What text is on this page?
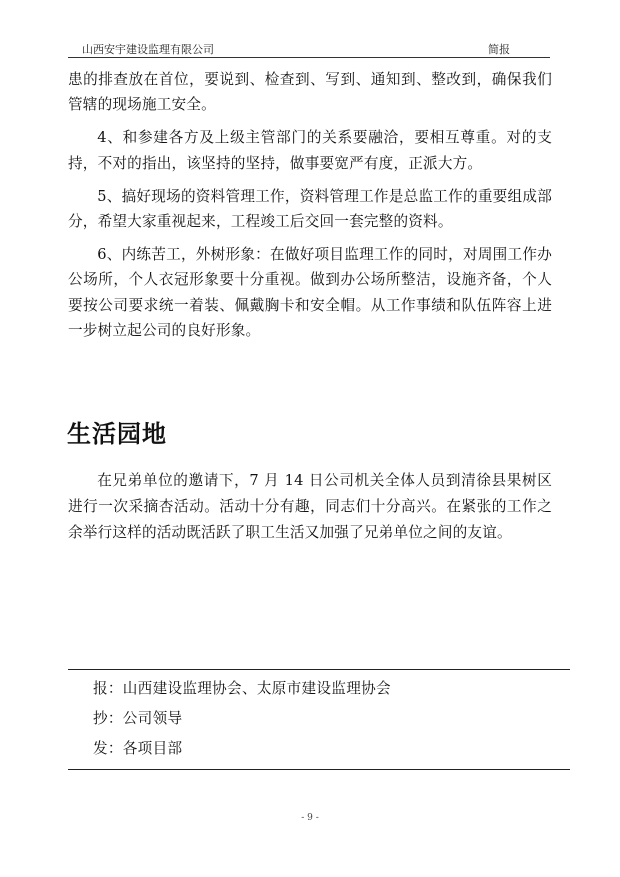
山西安宇建设监理有限公司	简报

患的排查放在首位，要说到、检查到、写到、通知到、整改到，确保我们管辖的现场施工安全。

4、和参建各方及上级主管部门的关系要融洽，要相互尊重。对的支持，不对的指出，该坚持的坚持，做事要宽严有度，正派大方。

5、搞好现场的资料管理工作，资料管理工作是总监工作的重要组成部分，希望大家重视起来，工程竣工后交回一套完整的资料。

6、内练苦工，外树形象：在做好项目监理工作的同时，对周围工作办公场所，个人衣冠形象要十分重视。做到办公场所整洁，设施齐备，个人要按公司要求统一着装、佩戴胸卡和安全帽。从工作事绩和队伍阵容上进一步树立起公司的良好形象。

生活园地

在兄弟单位的邀请下，7 月 14 日公司机关全体人员到清徐县果树区进行一次采摘杏活动。活动十分有趣，同志们十分高兴。在紧张的工作之余举行这样的活动既活跃了职工生活又加强了兄弟单位之间的友谊。

报：山西建设监理协会、太原市建设监理协会
抄：公司领导
发：各项目部
- 9 -
